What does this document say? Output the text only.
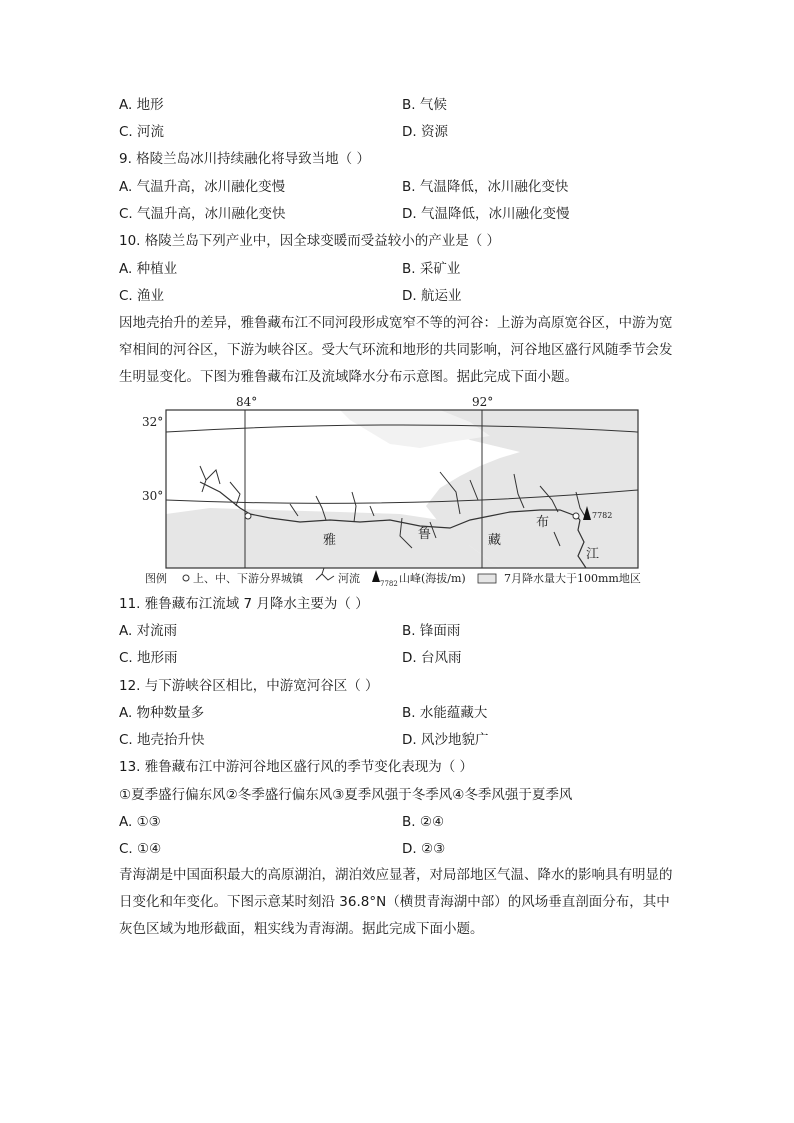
A. 地形	B. 气候
C. 河流	D. 资源
9. 格陵兰岛冰川持续融化将导致当地（ ）
A. 气温升高，冰川融化变慢	B. 气温降低，冰川融化变快
C. 气温升高，冰川融化变快	D. 气温降低，冰川融化变慢
10. 格陵兰岛下列产业中，因全球变暖而受益较小的产业是（ ）
A. 种植业	B. 采矿业
C. 渔业	D. 航运业
因地壳抬升的差异，雅鲁藏布江不同河段形成宽窄不等的河谷：上游为高原宽谷区，中游为宽窄相间的河谷区，下游为峡谷区。受大气环流和地形的共同影响，河谷地区盛行风随季节会发生明显变化。下图为雅鲁藏布江及流域降水分布示意图。据此完成下面小题。
7782
84°	92°
32°
30°
雅	鲁	藏
布
江
图例 上、中、下游分界城镇	河流	7782 山峰(海拔/m)	7月降水量大于100mm地区
11. 雅鲁藏布江流域 7 月降水主要为（ ）
A. 对流雨	B. 锋面雨
C. 地形雨	D. 台风雨
12. 与下游峡谷区相比，中游宽河谷区（ ）
A. 物种数量多	B. 水能蕴藏大
C. 地壳抬升快	D. 风沙地貌广
13. 雅鲁藏布江中游河谷地区盛行风的季节变化表现为（ ）
①夏季盛行偏东风②冬季盛行偏东风③夏季风强于冬季风④冬季风强于夏季风
A. ①③	B. ②④
C. ①④	D. ②③
青海湖是中国面积最大的高原湖泊，湖泊效应显著，对局部地区气温、降水的影响具有明显的日变化和年变化。下图示意某时刻沿 36.8°N（横贯青海湖中部）的风场垂直剖面分布，其中灰色区域为地形截面，粗实线为青海湖。据此完成下面小题。
